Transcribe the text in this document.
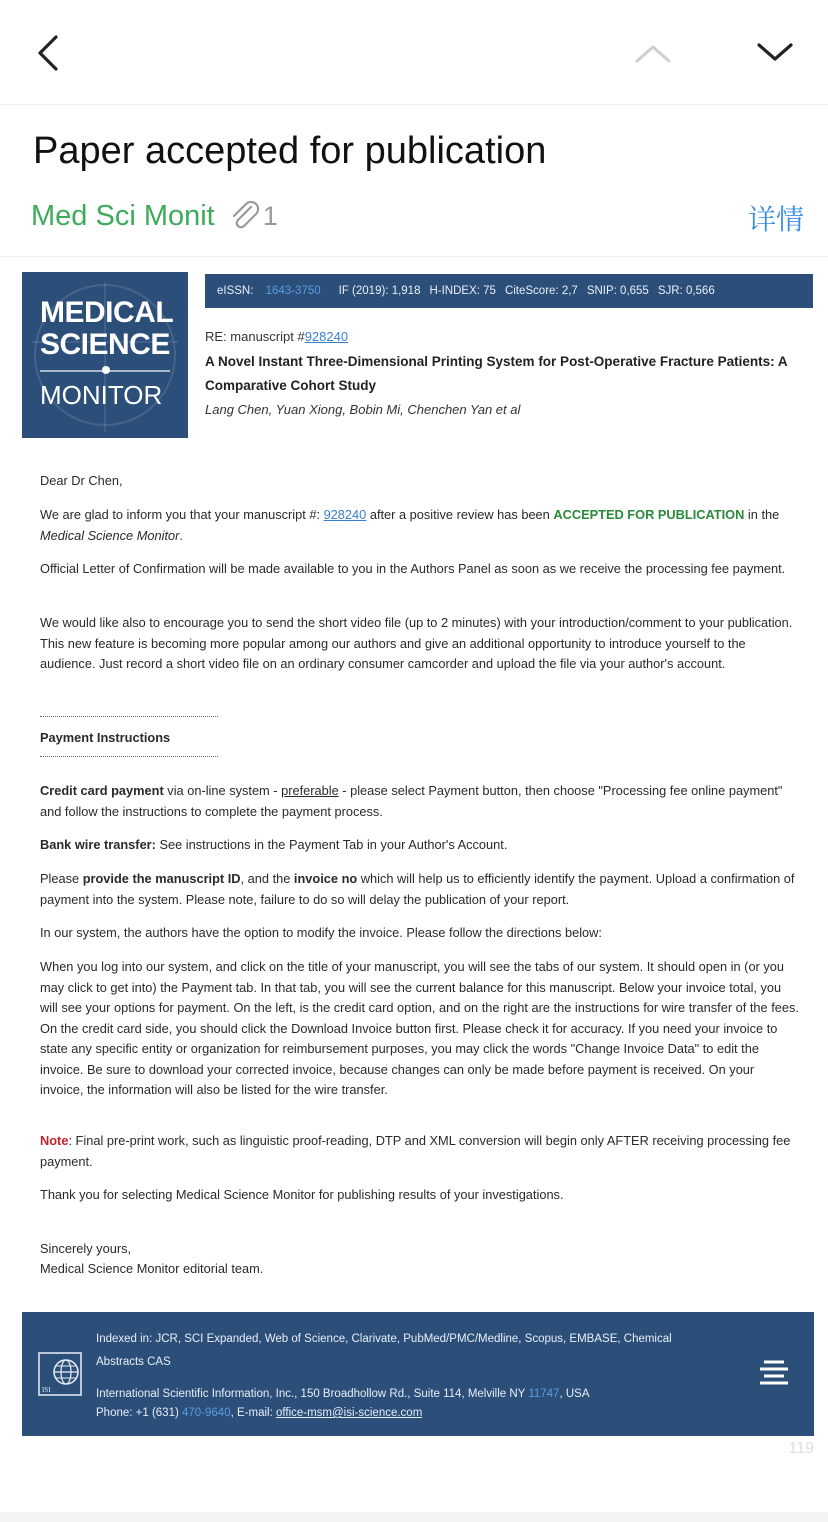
Paper accepted for publication
Med Sci Monit 1	详情
MEDICAL
SCIENCE
MONITOR
eISSN: 1643-3750	IF (2019): 1,918 H-INDEX: 75 CiteScore: 2,7 SNIP: 0,655 SJR: 0,566
RE: manuscript #928240
A Novel Instant Three-Dimensional Printing System for Post-Operative Fracture Patients: A Comparative Cohort Study
Lang Chen, Yuan Xiong, Bobin Mi, Chenchen Yan et al

Dear Dr Chen,

We are glad to inform you that your manuscript #: 928240 after a positive review has been ACCEPTED FOR PUBLICATION in the Medical Science Monitor.

Official Letter of Confirmation will be made available to you in the Authors Panel as soon as we receive the processing fee payment.

We would like also to encourage you to send the short video file (up to 2 minutes) with your introduction/comment to your publication. This new feature is becoming more popular among our authors and give an additional opportunity to introduce yourself to the audience. Just record a short video file on an ordinary consumer camcorder and upload the file via your author's account.

Payment Instructions

Credit card payment via on-line system - preferable - please select Payment button, then choose "Processing fee online payment" and follow the instructions to complete the payment process.

Bank wire transfer: See instructions in the Payment Tab in your Author's Account.

Please provide the manuscript ID, and the invoice no which will help us to efficiently identify the payment. Upload a confirmation of payment into the system. Please note, failure to do so will delay the publication of your report.

In our system, the authors have the option to modify the invoice. Please follow the directions below:

When you log into our system, and click on the title of your manuscript, you will see the tabs of our system. It should open in (or you may click to get into) the Payment tab. In that tab, you will see the current balance for this manuscript. Below your invoice total, you will see your options for payment. On the left, is the credit card option, and on the right are the instructions for wire transfer of the fees. On the credit card side, you should click the Download Invoice button first. Please check it for accuracy. If you need your invoice to state any specific entity or organization for reimbursement purposes, you may click the words "Change Invoice Data" to edit the invoice. Be sure to download your corrected invoice, because changes can only be made before payment is received. On your invoice, the information will also be listed for the wire transfer.

Note: Final pre-print work, such as linguistic proof-reading, DTP and XML conversion will begin only AFTER receiving processing fee payment.

Thank you for selecting Medical Science Monitor for publishing results of your investigations.

Sincerely yours,

Medical Science Monitor editorial team.

ISI
Indexed in: JCR, SCI Expanded, Web of Science, Clarivate, PubMed/PMC/Medline, Scopus, EMBASE, Chemical Abstracts CAS
International Scientific Information, Inc., 150 Broadhollow Rd., Suite 114, Melville NY 11747, USA
Phone: +1 (631) 470-9640, E-mail: office-msm@isi-science.com
119
